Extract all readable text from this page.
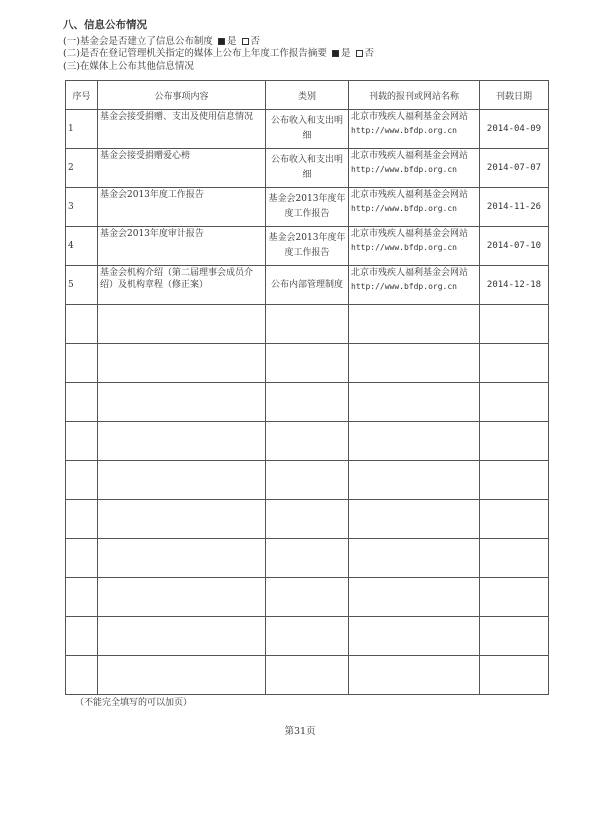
八、信息公布情况
(一)基金会是否建立了信息公布制度 是 否
(二)是否在登记管理机关指定的媒体上公布上年度工作报告摘要 是 否
(三)在媒体上公布其他信息情况
序号	公布事项内容	类别	刊载的报刊或网站名称	刊载日期
1	基金会接受捐赠、支出及使用信息情况	公布收入和支出明细	北京市残疾人福利基金会网站http://www.bfdp.org.cn	2014-04-09
2	基金会接受捐赠爱心榜	公布收入和支出明细	北京市残疾人福利基金会网站http://www.bfdp.org.cn	2014-07-07
3	基金会2013年度工作报告	基金会2013年度年度工作报告	北京市残疾人福利基金会网站http://www.bfdp.org.cn	2014-11-26
4	基金会2013年度审计报告	基金会2013年度年度工作报告	北京市残疾人福利基金会网站http://www.bfdp.org.cn	2014-07-10
5	基金会机构介绍（第二届理事会成员介绍）及机构章程（修正案）	公布内部管理制度	北京市残疾人福利基金会网站http://www.bfdp.org.cn	2014-12-18

（不能完全填写的可以加页）
第31页
